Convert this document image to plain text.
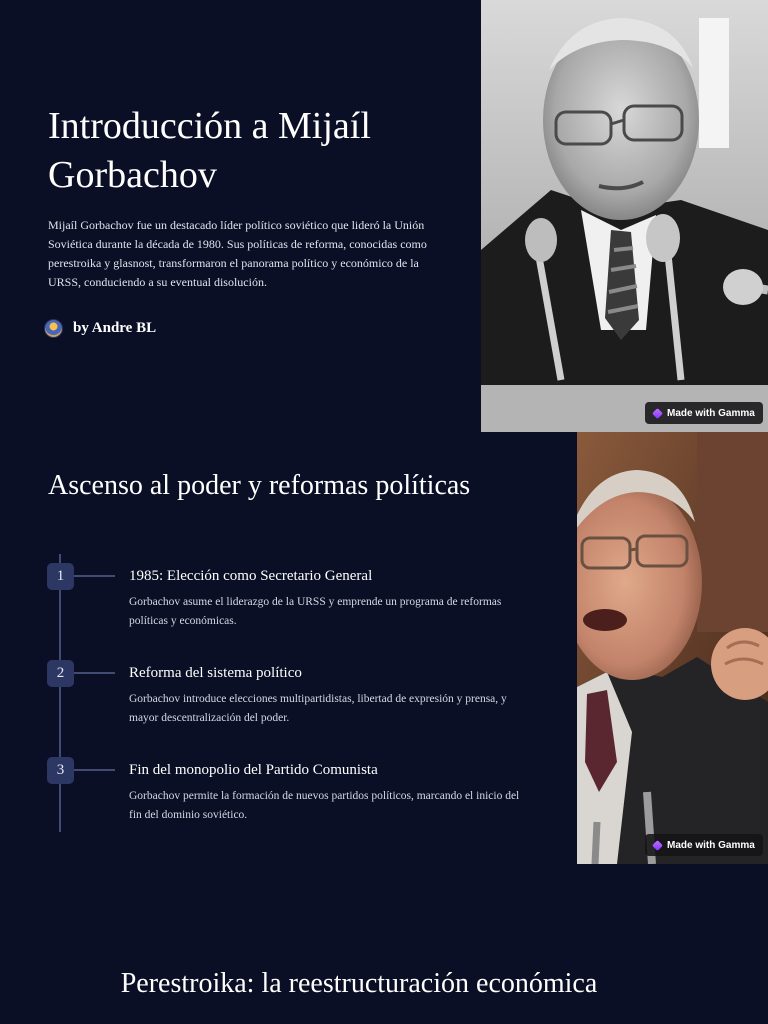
Introducción a Mijaíl Gorbachov

Mijaíl Gorbachov fue un destacado líder político soviético que lideró la Unión Soviética durante la década de 1980. Sus políticas de reforma, conocidas como perestroika y glasnost, transformaron el panorama político y económico de la URSS, conduciendo a su eventual disolución.

by Andre BL
Made with Gamma
Ascenso al poder y reformas políticas
1	1985: Elección como Secretario General

Gorbachov asume el liderazgo de la URSS y emprende un programa de reformas políticas y económicas.

2	Reforma del sistema político

Gorbachov introduce elecciones multipartidistas, libertad de expresión y prensa, y mayor descentralización del poder.

3	Fin del monopolio del Partido Comunista

Gorbachov permite la formación de nuevos partidos políticos, marcando el inicio del fin del dominio soviético.

Made with Gamma
Perestroika: la reestructuración económica
